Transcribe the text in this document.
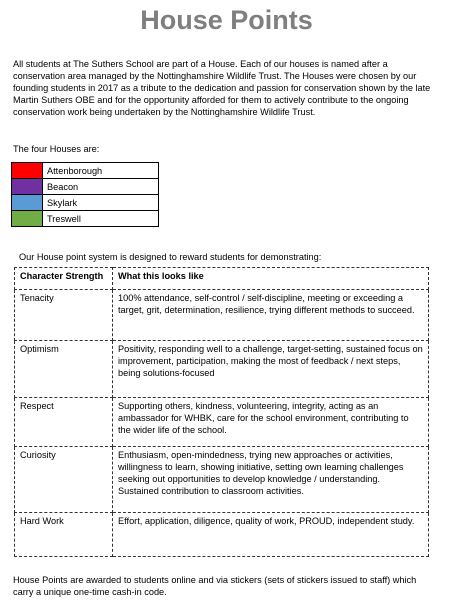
House Points
All students at The Suthers School are part of a House. Each of our houses is named after a conservation area managed by the Nottinghamshire Wildlife Trust. The Houses were chosen by our founding students in 2017 as a tribute to the dedication and passion for conservation shown by the late Martin Suthers OBE and for the opportunity afforded for them to actively contribute to the ongoing conservation work being undertaken by the Nottinghamshire Wildlife Trust.
The four Houses are:
	Attenborough
	Beacon
	Skylark
	Treswell
Our House point system is designed to reward students for demonstrating:
Character Strength	What this looks like
Tenacity	100% attendance, self-control / self-discipline, meeting or exceeding a target, grit, determination, resilience, trying different methods to succeed.
Optimism	Positivity, responding well to a challenge, target-setting, sustained focus on improvement, participation, making the most of feedback / next steps, being solutions-focused
Respect	Supporting others, kindness, volunteering, integrity, acting as an ambassador for WHBK, care for the school environment, contributing to the wider life of the school.
Curiosity	Enthusiasm, open-mindedness, trying new approaches or activities, willingness to learn, showing initiative, setting own learning challenges seeking out opportunities to develop knowledge / understanding. Sustained contribution to classroom activities.
Hard Work	Effort, application, diligence, quality of work, PROUD, independent study.
House Points are awarded to students online and via stickers (sets of stickers issued to staff) which carry a unique one-time cash-in code.
